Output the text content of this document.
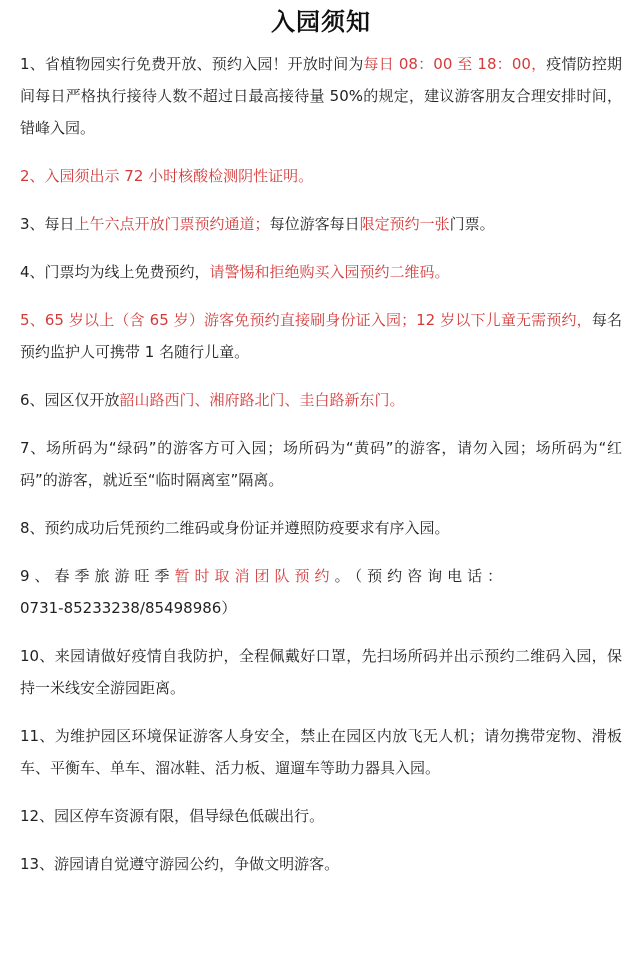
入园须知

1、省植物园实行免费开放、预约入园！开放时间为每日 08：00 至 18：00，疫情防控期间每日严格执行接待人数不超过日最高接待量 50%的规定，建议游客朋友合理安排时间，错峰入园。

2、入园须出示 72 小时核酸检测阴性证明。

3、每日上午六点开放门票预约通道；每位游客每日限定预约一张门票。

4、门票均为线上免费预约，请警惕和拒绝购买入园预约二维码。

5、65 岁以上（含 65 岁）游客免预约直接刷身份证入园；12 岁以下儿童无需预约，每名预约监护人可携带 1 名随行儿童。

6、园区仅开放韶山路西门、湘府路北门、圭白路新东门。

7、场所码为“绿码”的游客方可入园；场所码为“黄码”的游客，请勿入园；场所码为“红码”的游客，就近至“临时隔离室”隔离。

8、预约成功后凭预约二维码或身份证并遵照防疫要求有序入园。

9、春季旅游旺季暂时取消团队预约。（预约咨询电话：
0731-85233238/85498986）

10、来园请做好疫情自我防护，全程佩戴好口罩，先扫场所码并出示预约二维码入园，保持一米线安全游园距离。

11、为维护园区环境保证游客人身安全，禁止在园区内放飞无人机；请勿携带宠物、滑板车、平衡车、单车、溜冰鞋、活力板、遛遛车等助力器具入园。

12、园区停车资源有限，倡导绿色低碳出行。

13、游园请自觉遵守游园公约，争做文明游客。
